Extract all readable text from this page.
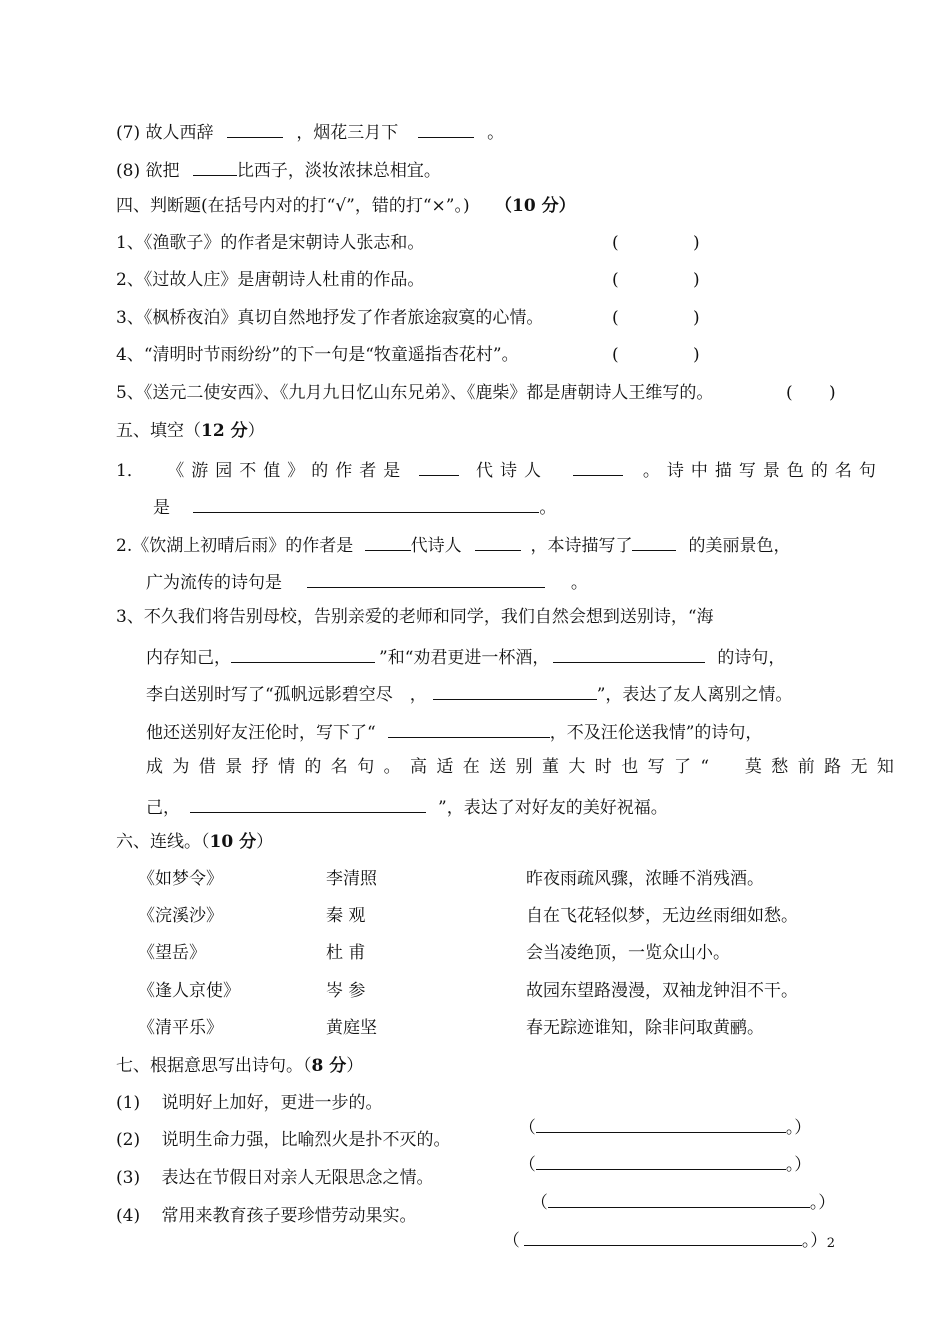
(7) 故人西辞	，烟花三月下	。
(8) 欲把	比西子，淡妆浓抹总相宜。
四、判断题(在括号内对的打“√”，错的打“×”。) （10 分）
1、《渔歌子》的作者是宋朝诗人张志和。	(	)
2、《过故人庄》是唐朝诗人杜甫的作品。	(	)
3、《枫桥夜泊》真切自然地抒发了作者旅途寂寞的心情。	(	)
4、“清明时节雨纷纷”的下一句是“牧童遥指杏花村”。	(	)
5、《送元二使安西》、《九月九日忆山东兄弟》、《鹿柴》都是唐朝诗人王维写的。	( )
五、填空（12 分）
1． 《游园不值》的作者是	代诗人	。诗中描写景色的名句
是	。
2.《饮湖上初晴后雨》的作者是	代诗人	，本诗描写了	的美丽景色，
广为流传的诗句是	。
3、不久我们将告别母校，告别亲爱的老师和同学，我们自然会想到送别诗，“海
内存知己，	”和“劝君更进一杯酒，	的诗句，
李白送别时写了“孤帆远影碧空尽　，	”，表达了友人离别之情。
他还送别好友汪伦时，写下了“	，不及汪伦送我情”的诗句，
成为借景抒情的名句。高适在送别董大时也写了“　莫愁前路无知
己，	”，表达了对好友的美好祝福。
六、连线。（10 分）
《如梦令》	李清照	昨夜雨疏风骤，浓睡不消残酒。
《浣溪沙》	秦 观	自在飞花轻似梦，无边丝雨细如愁。
《望岳》	杜 甫	会当凌绝顶，一览众山小。
《逢人京使》	岑 参	故园东望路漫漫，双袖龙钟泪不干。
《清平乐》	黄庭坚	春无踪迹谁知，除非问取黄鹂。
七、根据意思写出诗句。（8 分）
(1) 说明好上加好，更进一步的。

（	。）

(2) 说明生命力强，比喻烈火是扑不灭的。

（	。）

(3) 表达在节假日对亲人无限思念之情。

（	。）

(4) 常用来教育孩子要珍惜劳动果实。

（	。） 2
